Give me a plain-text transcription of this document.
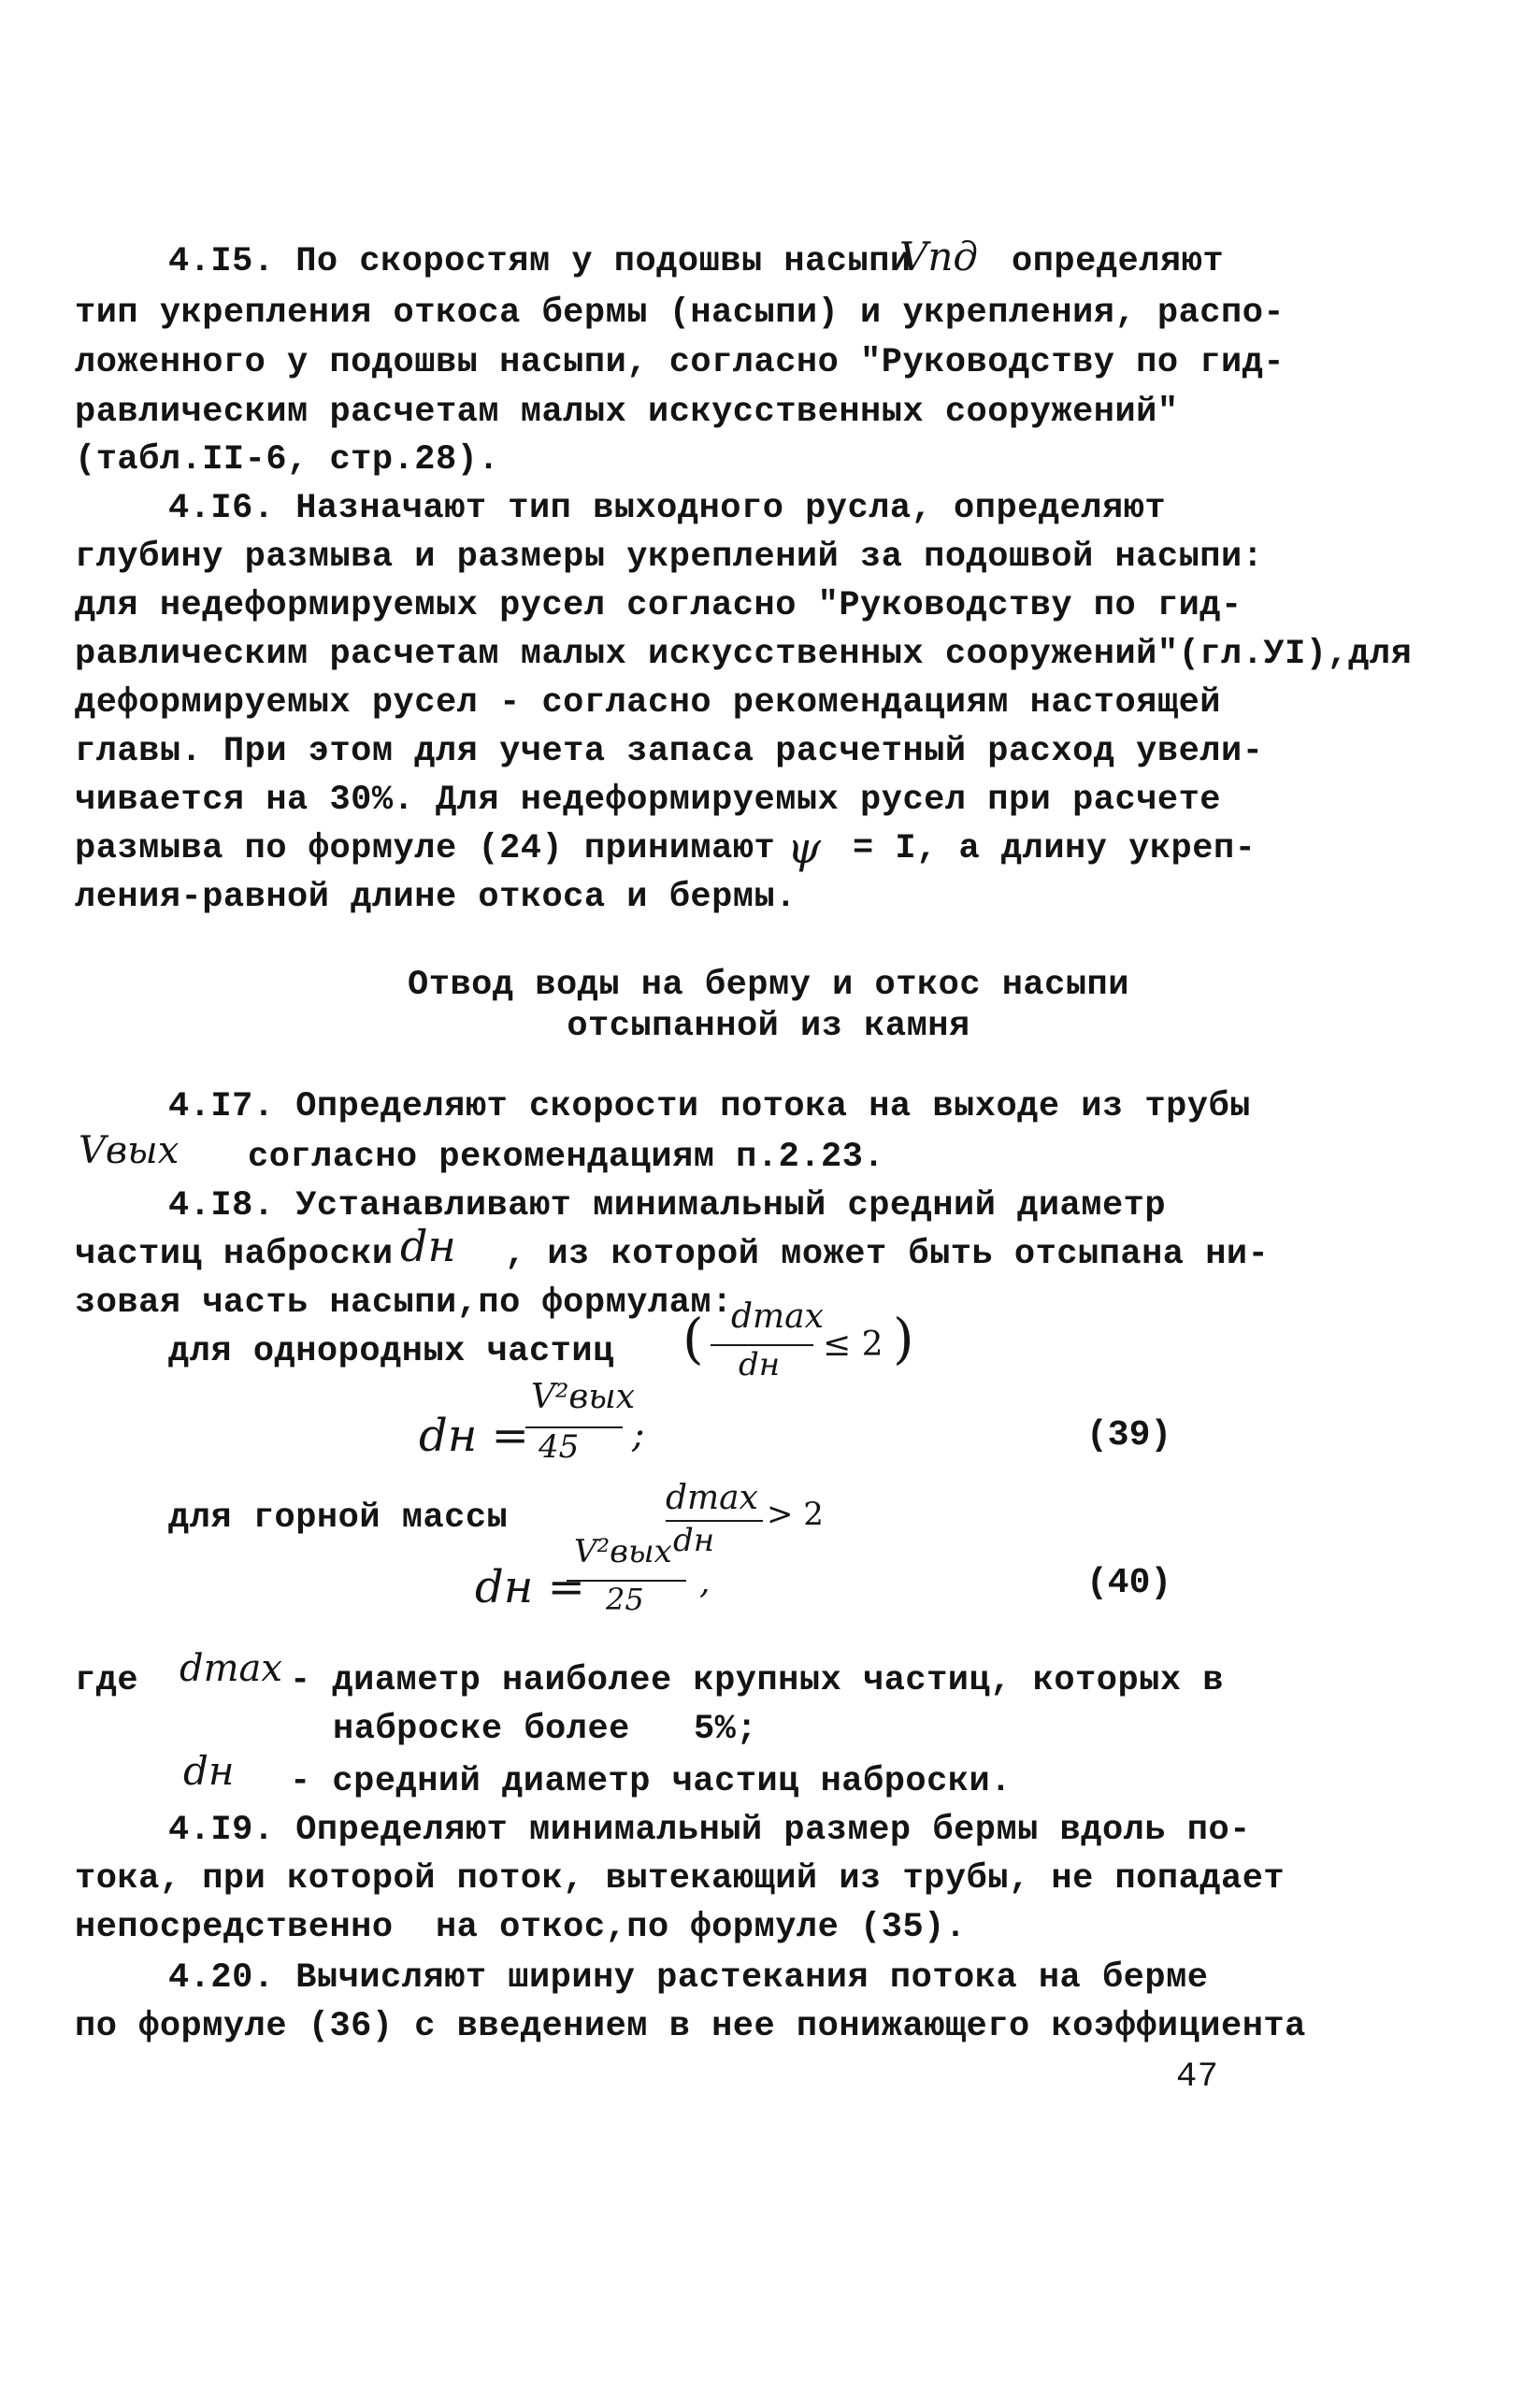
4.I5. По скоростям у подошвы насыпи
Vпд определяют
тип укрепления откоса бермы (насыпи) и укрепления, распо-
ложенного у подошвы насыпи, согласно "Руководству по гид-
равлическим расчетам малых искусственных сооружений"
(табл.II-6, стр.28).
4.I6. Назначают тип выходного русла, определяют
глубину размыва и размеры укреплений за подошвой насыпи:
для недеформируемых русел согласно "Руководству по гид-
равлическим расчетам малых искусственных сооружений"(гл.УI),для
деформируемых русел - согласно рекомендациям настоящей
главы. При этом для учета запаса расчетный расход увели-
чивается на 30%. Для недеформируемых русел при расчете
размыва по формуле (24) принимают ψ = I, а длину укреп-
ления-равной длине откоса и бермы.
Отвод воды на берму и откос насыпи
отсыпанной из камня
4.I7. Определяют скорости потока на выходе из трубы
Vвых согласно рекомендациям п.2.23.
4.I8. Устанавливают минимальный средний диаметр
частиц наброски dн , из которой может быть отсыпана ни-
зовая часть насыпи,по формулам:
для однородных частиц ( dmax
dн
≤ 2 )
dн =
V²вых
45 ;	(39)
для горной массы
dmax
dн
> 2
dн =
V²вых
25 ,	(40)
где dmax - диаметр наиболее крупных частиц, которых в
наброске более   5%;
dн - средний диаметр частиц наброски.
4.I9. Определяют минимальный размер бермы вдоль по-
тока, при которой поток, вытекающий из трубы, не попадает
непосредственно  на откос,по формуле (35).
4.20. Вычисляют ширину растекания потока на берме
по формуле (36) с введением в нее понижающего коэффициента
47
